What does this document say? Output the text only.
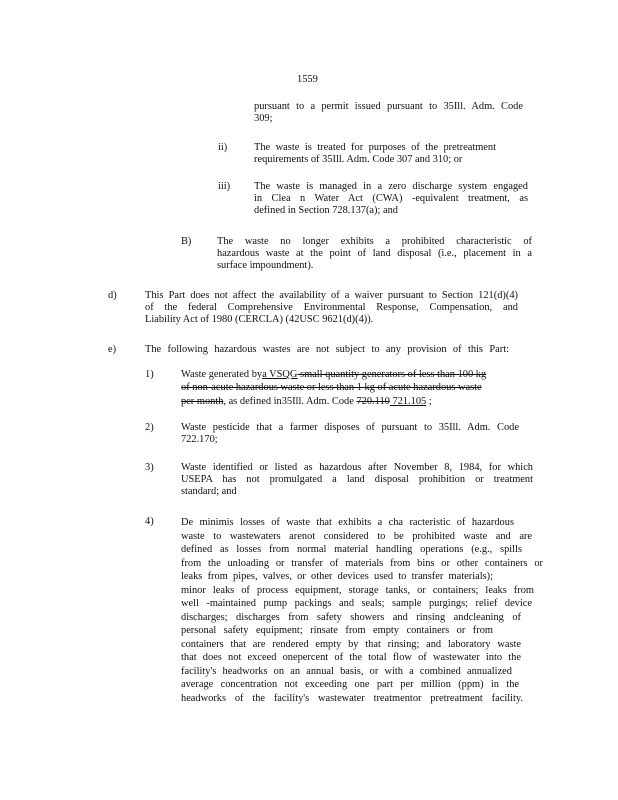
1559
pursuant to a permit issued pursuant to 35Ill. Adm. Code
309;
ii)	The waste is treated for purposes of the pretreatment
requirements of 35Ill. Adm. Code 307 and 310; or
iii) The waste is managed in a zero discharge system engaged
in Clea n Water Act (CWA) -equivalent treatment, as
defined in Section 728.137(a); and
B) The waste no longer exhibits a prohibited characteristic of
hazardous waste at the point of land disposal (i.e., placement in a
surface impoundment).
d)	This Part does not affect the availability of a waiver pursuant to Section 121(d)(4)
of the federal Comprehensive Environmental Response, Compensation, and
Liability Act of 1980 (CERCLA) (42USC 9621(d)(4)).
e)	The following hazardous wastes are not subject to any provision of this Part:
1)	Waste generated bya VSQG small quantity generators of less than 100 kg
of non-acute hazardous waste or less than 1 kg of acute hazardous waste
per month, as defined in35Ill. Adm. Code 720.110 721.105 ;
2)	Waste pesticide that a farmer disposes of pursuant to 35Ill. Adm. Code
722.170;
3)	Waste identified or listed as hazardous after November 8, 1984, for which
USEPA has not promulgated a land disposal prohibition or treatment
standard; and
4)	De minimis losses of waste that exhibits a cha racteristic of hazardous
waste to wastewaters arenot considered to be prohibited waste and are
defined as losses from normal material handling operations (e.g., spills
from the unloading or transfer of materials from bins or other containers or
leaks from pipes, valves, or other devices used to transfer materials);
minor leaks of process equipment, storage tanks, or containers; leaks from
well -maintained pump packings and seals; sample purgings; relief device
discharges; discharges from safety showers and rinsing andcleaning of
personal safety equipment; rinsate from empty containers or from
containers that are rendered empty by that rinsing; and laboratory waste
that does not exceed onepercent of the total flow of wastewater into the
facility's headworks on an annual basis, or with a combined annualized
average concentration not exceeding one part per million (ppm) in the
headworks of the facility's wastewater treatmentor pretreatment facility.
